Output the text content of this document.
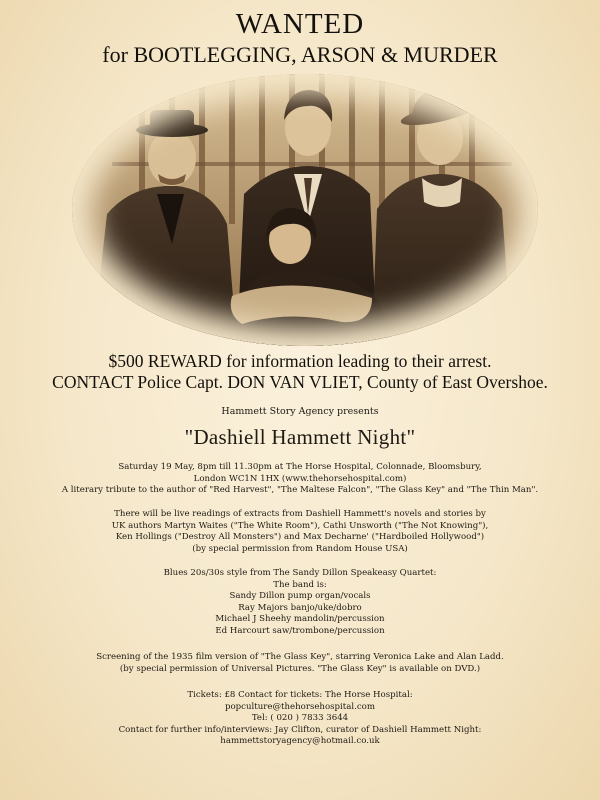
WANTED
for BOOTLEGGING, ARSON & MURDER
$500 REWARD for information leading to their arrest.
CONTACT Police Capt. DON VAN VLIET, County of East Overshoe.
Hammett Story Agency presents
"Dashiell Hammett Night"
Saturday 19 May, 8pm till 11.30pm at The Horse Hospital, Colonnade, Bloomsbury,
London WC1N 1HX (www.thehorsehospital.com)
A literary tribute to the author of "Red Harvest", "The Maltese Falcon", "The Glass Key" and "The Thin Man".
There will be live readings of extracts from Dashiell Hammett's novels and stories by
UK authors Martyn Waites ("The White Room"), Cathi Unsworth ("The Not Knowing"),
Ken Hollings ("Destroy All Monsters") and Max Decharne' ("Hardboiled Hollywood")
(by special permission from Random House USA)
Blues 20s/30s style from The Sandy Dillon Speakeasy Quartet:
The band is:
Sandy Dillon pump organ/vocals
Ray Majors banjo/uke/dobro
Michael J Sheehy mandolin/percussion
Ed Harcourt saw/trombone/percussion
Screening of the 1935 film version of "The Glass Key", starring Veronica Lake and Alan Ladd.
(by special permission of Universal Pictures. "The Glass Key" is available on DVD.)
Tickets: £8 Contact for tickets: The Horse Hospital:
popculture@thehorsehospital.com
Tel: ( 020 ) 7833 3644
Contact for further info/interviews: Jay Clifton, curator of Dashiell Hammett Night:
hammettstoryagency@hotmail.co.uk
